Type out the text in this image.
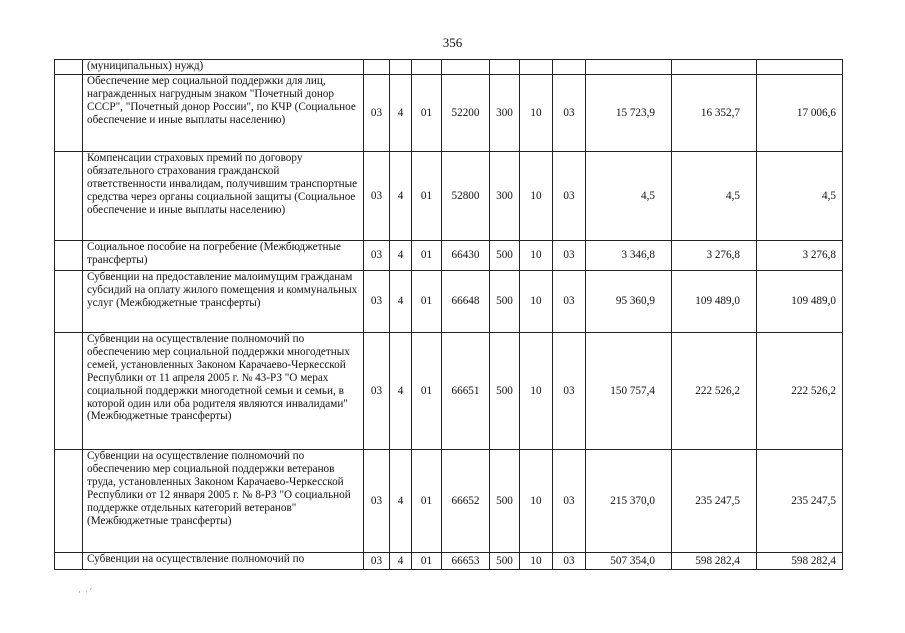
356
	(муниципальных) нужд)										
	Обеспечение мер социальной поддержки для лиц, награжденных нагрудным знаком "Почетный донор СССР", "Почетный донор России", по КЧР (Социальное обеспечение и иные выплаты населению)	03	4	01	52200	300	10	03	15 723,9	16 352,7	17 006,6
	Компенсации страховых премий по договору обязательного страхования гражданской ответственности инвалидам, получившим транспортные средства через органы социальной защиты (Социальное обеспечение и иные выплаты населению)	03	4	01	52800	300	10	03	4,5	4,5	4,5
	Социальное пособие на погребение (Межбюджетные трансферты)	03	4	01	66430	500	10	03	3 346,8	3 276,8	3 276,8
	Субвенции на предоставление малоимущим гражданам субсидий на оплату жилого помещения и коммунальных услуг (Межбюджетные трансферты)	03	4	01	66648	500	10	03	95 360,9	109 489,0	109 489,0
	Субвенции на осуществление полномочий по обеспечению мер социальной поддержки многодетных семей, установленных Законом Карачаево-Черкесской Республики от 11 апреля 2005 г. № 43-РЗ "О мерах социальной поддержки многодетной семьи и семьи, в которой один или оба родителя являются инвалидами" (Межбюджетные трансферты)	03	4	01	66651	500	10	03	150 757,4	222 526,2	222 526,2
	Субвенции на осуществление полномочий по обеспечению мер социальной поддержки ветеранов труда, установленных Законом Карачаево-Черкесской Республики от 12 января 2005 г. № 8-РЗ "О социальной поддержке отдельных категорий ветеранов" (Межбюджетные трансферты)	03	4	01	66652	500	10	03	215 370,0	235 247,5	235 247,5
	Субвенции на осуществление полномочий по	03	4	01	66653	500	10	03	507 354,0	598 282,4	598 282,4
· ·´
